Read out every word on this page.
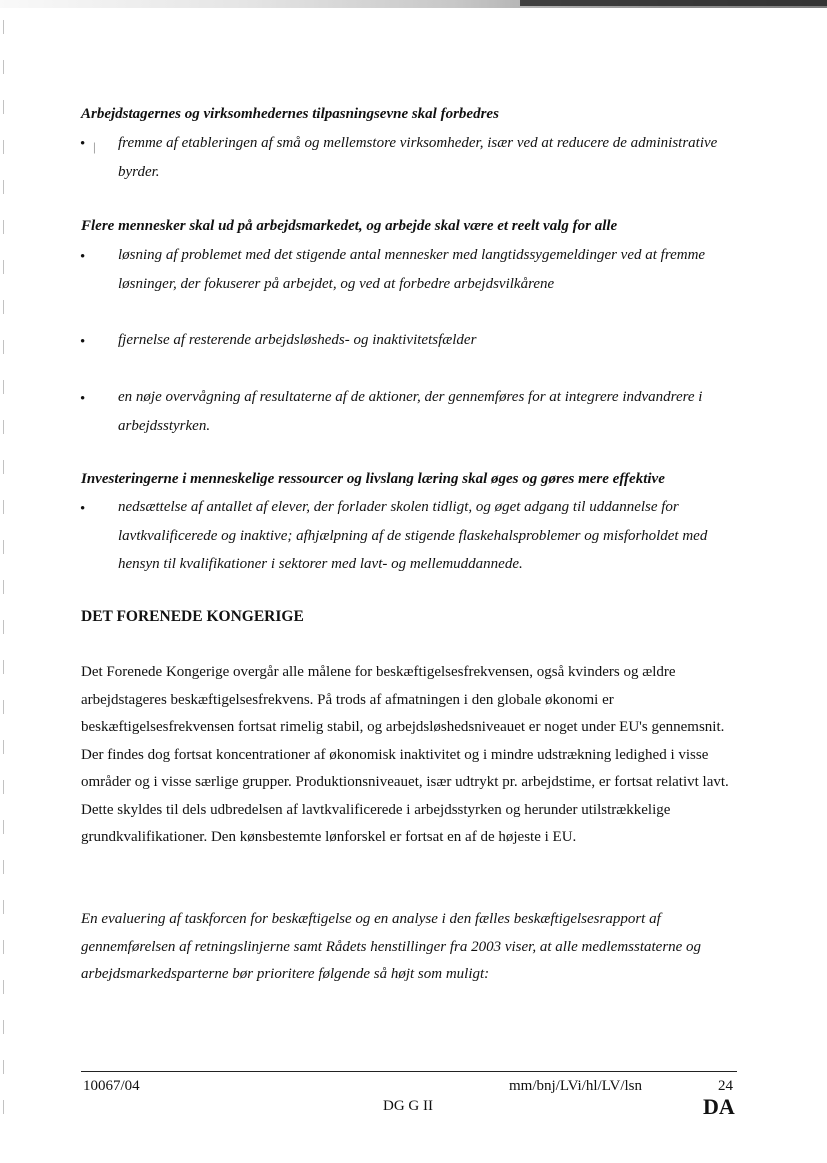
Arbejdstagernes og virksomhedernes tilpasningsevne skal forbedres
• | fremme af etableringen af små og mellemstore virksomheder, især ved at reducere de administrative byrder.
Flere mennesker skal ud på arbejdsmarkedet, og arbejde skal være et reelt valg for alle
• løsning af problemet med det stigende antal mennesker med langtidssygemeldinger ved at fremme løsninger, der fokuserer på arbejdet, og ved at forbedre arbejdsvilkårene
• fjernelse af resterende arbejdsløsheds- og inaktivitetsfælder
• en nøje overvågning af resultaterne af de aktioner, der gennemføres for at integrere indvandrere i arbejdsstyrken.
Investeringerne i menneskelige ressourcer og livslang læring skal øges og gøres mere effektive
• nedsættelse af antallet af elever, der forlader skolen tidligt, og øget adgang til uddannelse for lavtkvalificerede og inaktive; afhjælpning af de stigende flaskehalsproblemer og misforholdet med hensyn til kvalifikationer i sektorer med lavt- og mellemuddannede.
DET FORENEDE KONGERIGE
Det Forenede Kongerige overgår alle målene for beskæftigelsesfrekvensen, også kvinders og ældre arbejdstageres beskæftigelsesfrekvens. På trods af afmatningen i den globale økonomi er beskæftigelsesfrekvensen fortsat rimelig stabil, og arbejdsløshedsniveauet er noget under EU's gennemsnit. Der findes dog fortsat koncentrationer af økonomisk inaktivitet og i mindre udstrækning ledighed i visse områder og i visse særlige grupper. Produktionsniveauet, især udtrykt pr. arbejdstime, er fortsat relativt lavt. Dette skyldes til dels udbredelsen af lavtkvalificerede i arbejdsstyrken og herunder utilstrækkelige grundkvalifikationer. Den kønsbestemte lønforskel er fortsat en af de højeste i EU.
En evaluering af taskforcen for beskæftigelse og en analyse i den fælles beskæftigelsesrapport af gennemførelsen af retningslinjerne samt Rådets henstillinger fra 2003 viser, at alle medlemsstaterne og arbejdsmarkedsparterne bør prioritere følgende så højt som muligt:
10067/04
DG G II
mm/bnj/LVi/hl/LV/lsn	24
DA
